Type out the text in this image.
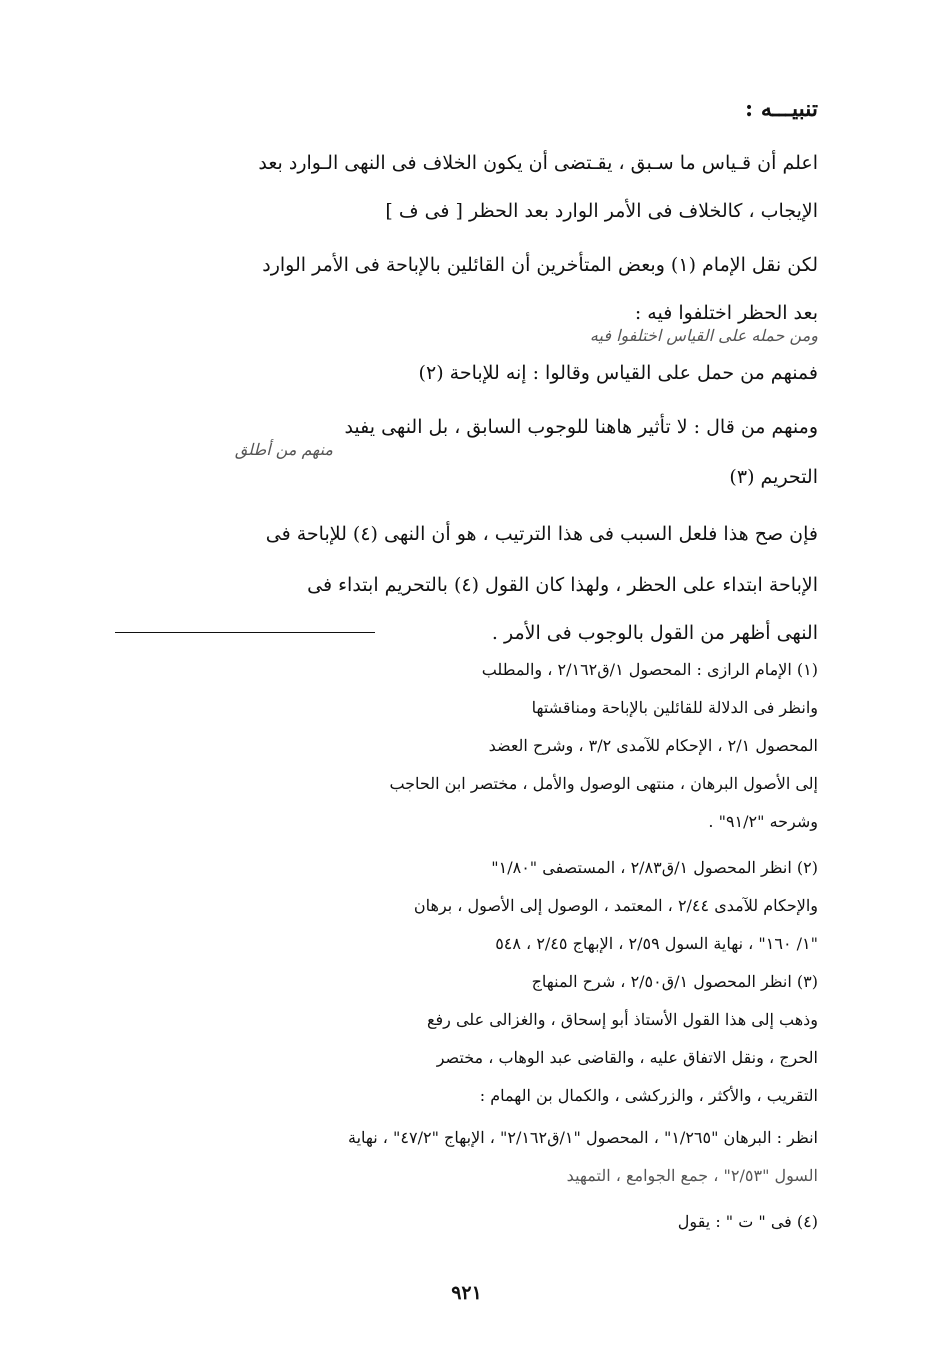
تنبيـــه :
اعلم أن قـياس ما سـبق ، يقـتضى أن يكون الخلاف فى النهى الـوارد بعد
الإيجاب ، كالخلاف فى الأمر الوارد بعد الحظر [ فى ف ]
لكن نقل الإمام (١) وبعض المتأخرين أن القائلين بالإباحة فى الأمر الوارد
بعد الحظر اختلفوا فيه :
ومن حمله على القياس اختلفوا فيه
فمنهم من حمل على القياس وقالوا : إنه للإباحة (٢)
ومنهم من قال : لا تأثير هاهنا للوجوب السابق ، بل النهى يفيد
منهم من أطلق
التحريم (٣)
فإن صح هذا فلعل السبب فى هذا الترتيب ، هو أن النهى (٤) للإباحة فى
الإباحة ابتداء على الحظر ، ولهذا كان القول (٤) بالتحريم ابتداء فى
النهى أظهر من القول بالوجوب فى الأمر .
(١) الإمام الرازى : المحصول ١/ق٢/١٦٢ ، والمطلب
وانظر فى الدلالة للقائلين بالإباحة ومناقشتها
المحصول ٢/١ ، الإحكام للآمدى ٣/٢ ، وشرح العضد
إلى الأصول البرهان ، منتهى الوصول والأمل ، مختصر ابن الحاجب
وشرحه "٩١/٢" .
(٢) انظر المحصول ١/ق٢/٨٣ ، المستصفى "١/٨٠"
والإحكام للآمدى ٢/٤٤ ، المعتمد ، الوصول إلى الأصول ، برهان
"١/ ١٦٠" ، نهاية السول ٢/٥٩ ، الإبهاج ٢/٤٥ ، ٥٤٨
(٣) انظر المحصول ١/ق٢/٥٠ ، شرح المنهاج
وذهب إلى هذا القول الأستاذ أبو إسحاق ، والغزالى على رفع
الحرج ، ونقل الاتفاق عليه ، والقاضى عبد الوهاب ، مختصر
التقريب ، والأكثر ، والزركشى ، والكمال بن الهمام :
انظر : البرهان "١/٢٦٥" ، المحصول "١/ق٢/١٦٢" ، الإبهاج "٤٧/٢" ، نهاية
السول "٢/٥٣" ، جمع الجوامع ، التمهيد
(٤) فى " ت " : يقول
٩٢١
